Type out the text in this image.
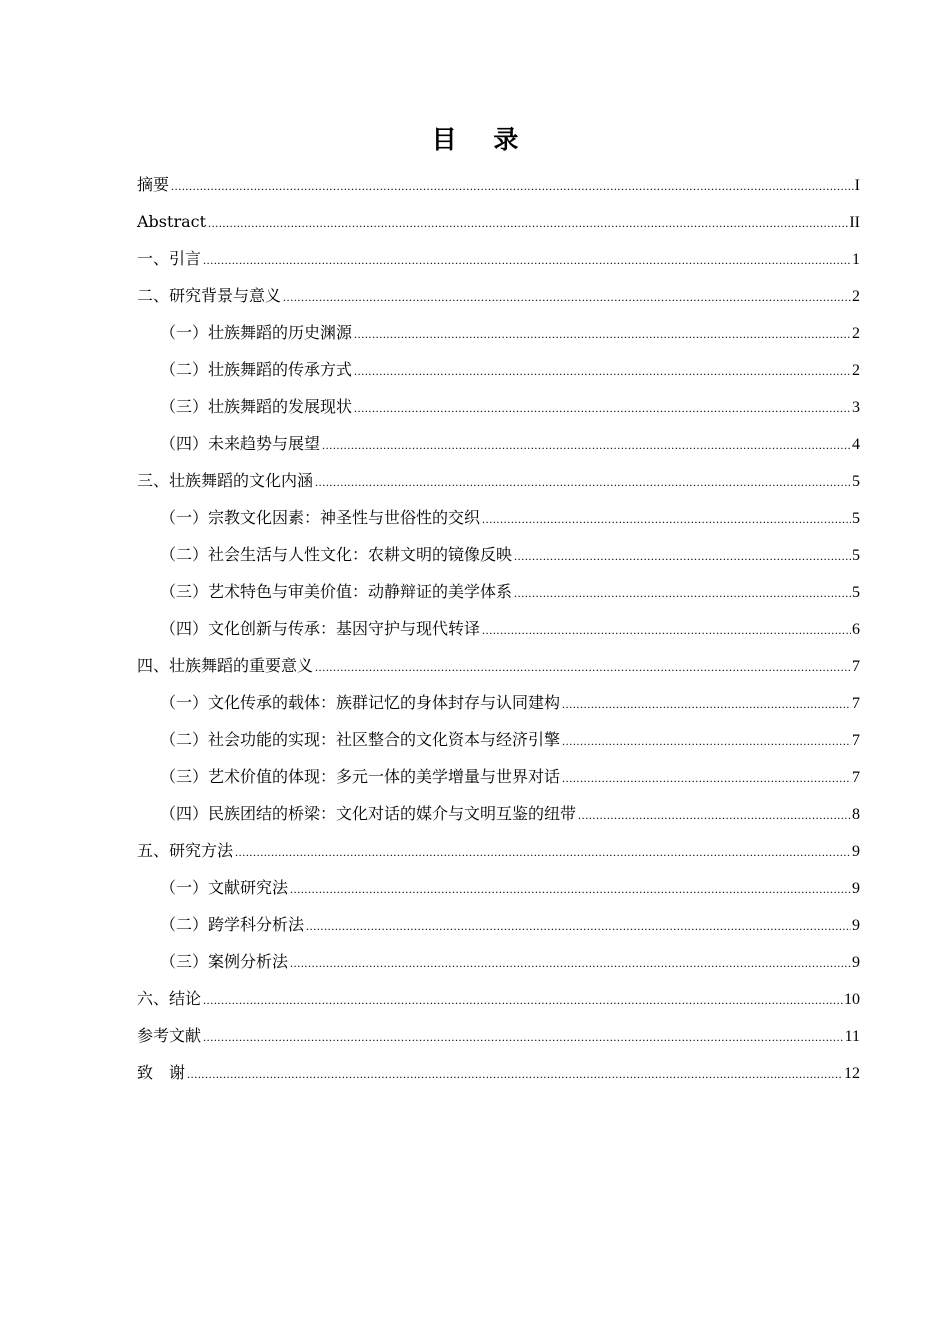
目 录
摘要 .....	I
Abstract .....	II
一、引言 .....	1
二、研究背景与意义 .....	2
（一）壮族舞蹈的历史渊源 .....	2
（二）壮族舞蹈的传承方式 .....	2
（三）壮族舞蹈的发展现状 .....	3
（四）未来趋势与展望 .....	4
三、壮族舞蹈的文化内涵 .....	5
（一）宗教文化因素：神圣性与世俗性的交织 .....	5
（二）社会生活与人性文化：农耕文明的镜像反映 .....	5
（三）艺术特色与审美价值：动静辩证的美学体系 .....	5
（四）文化创新与传承：基因守护与现代转译 .....	6
四、壮族舞蹈的重要意义 .....	7
（一）文化传承的载体：族群记忆的身体封存与认同建构 .....	7
（二）社会功能的实现：社区整合的文化资本与经济引擎 .....	7
（三）艺术价值的体现：多元一体的美学增量与世界对话 .....	7
（四）民族团结的桥梁：文化对话的媒介与文明互鉴的纽带 .....	8
五、研究方法 .....	9
（一）文献研究法 .....	9
（二）跨学科分析法 .....	9
（三）案例分析法 .....	9
六、结论 .....	10
参考文献 .....	11
致　谢 .....	12
